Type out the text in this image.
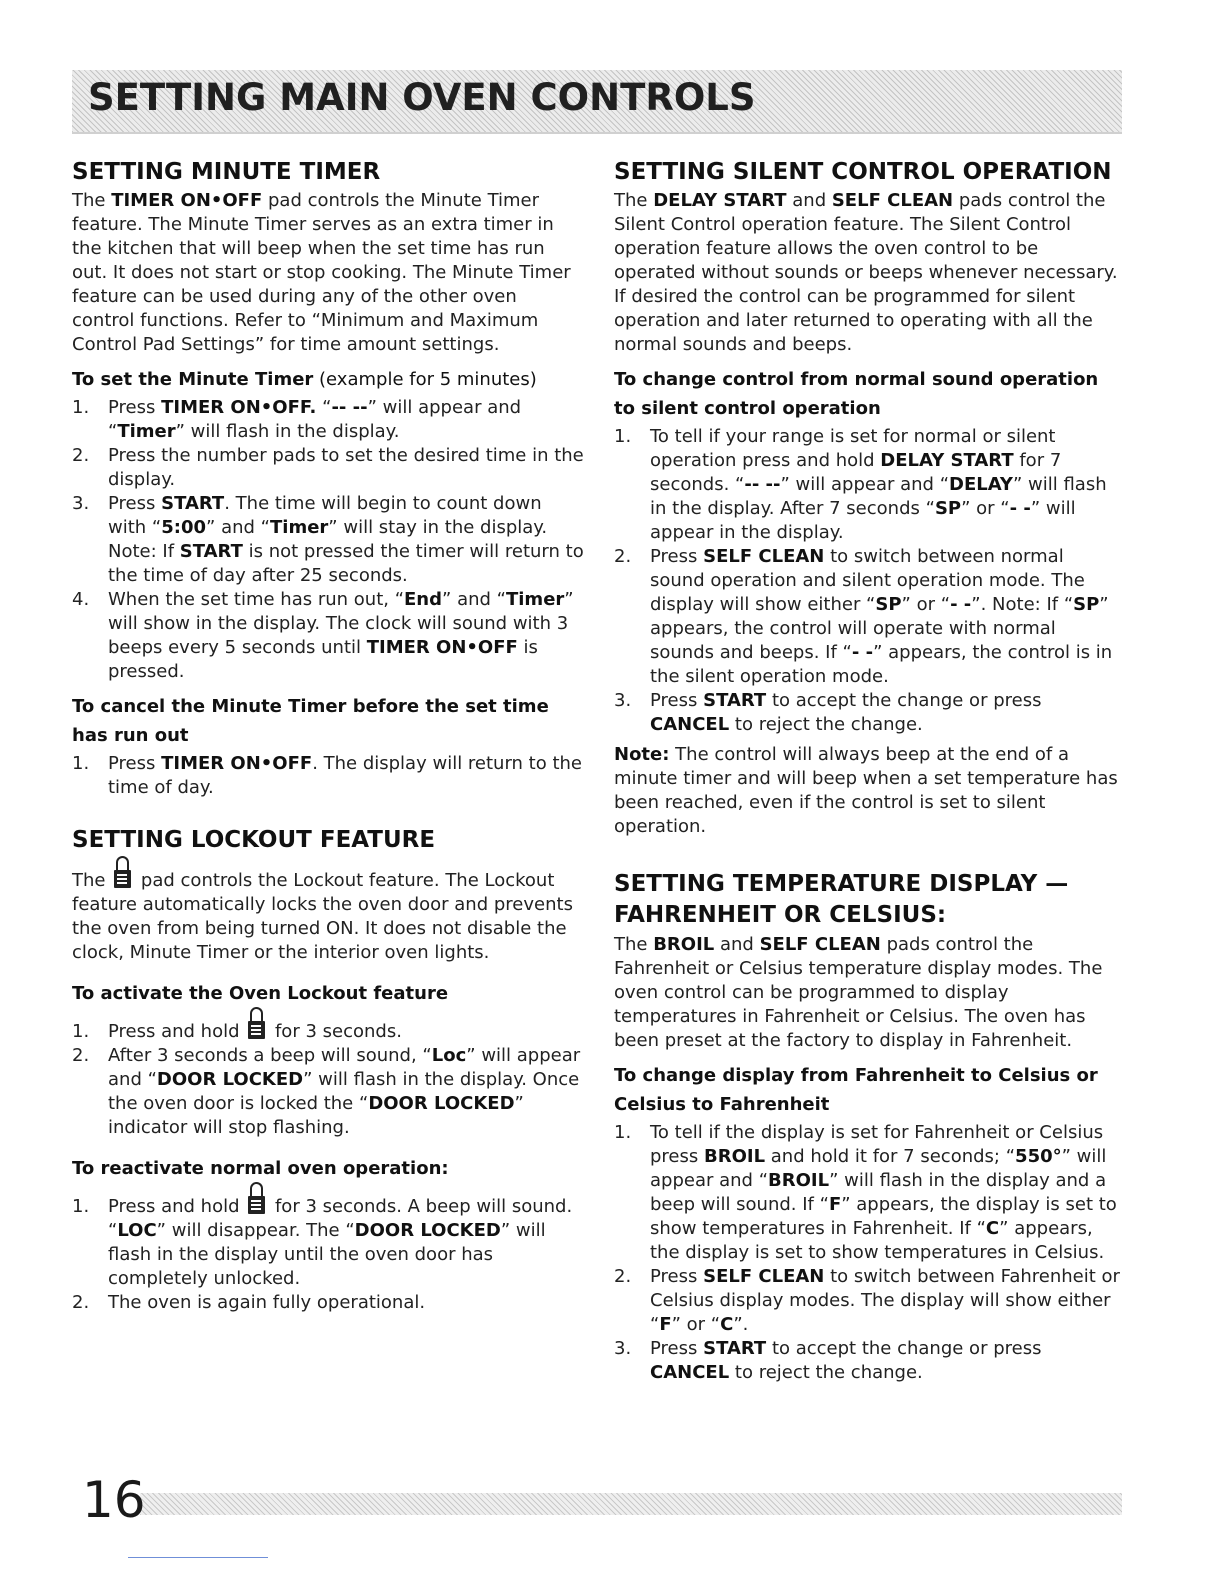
SETTING MAIN OVEN CONTROLS
SETTING MINUTE TIMER

The TIMER ON•OFF pad controls the Minute Timer feature. The Minute Timer serves as an extra timer in the kitchen that will beep when the set time has run out. It does not start or stop cooking. The Minute Timer feature can be used during any of the other oven control functions. Refer to “Minimum and Maximum Control Pad Settings” for time amount settings.

To set the Minute Timer (example for 5 minutes)
1. Press TIMER ON•OFF. “-- --” will appear and “Timer” will flash in the display.
2. Press the number pads to set the desired time in the display.
3. Press START. The time will begin to count down with “5:00” and “Timer” will stay in the display. Note: If START is not pressed the timer will return to the time of day after 25 seconds.
4. When the set time has run out, “End” and “Timer” will show in the display. The clock will sound with 3 beeps every 5 seconds until TIMER ON•OFF is pressed.
To cancel the Minute Timer before the set time has run out
1. Press TIMER ON•OFF. The display will return to the time of day.
SETTING LOCKOUT FEATURE

The  pad controls the Lockout feature. The Lockout feature automatically locks the oven door and prevents the oven from being turned ON. It does not disable the clock, Minute Timer or the interior oven lights.

To activate the Oven Lockout feature
1. Press and hold  for 3 seconds.
2. After 3 seconds a beep will sound, “Loc” will appear and “DOOR LOCKED” will flash in the display. Once the oven door is locked the “DOOR LOCKED” indicator will stop flashing.
To reactivate normal oven operation:
1. Press and hold  for 3 seconds. A beep will sound. “LOC” will disappear. The “DOOR LOCKED” will flash in the display until the oven door has completely unlocked.
2. The oven is again fully operational.
SETTING SILENT CONTROL OPERATION

The DELAY START and SELF CLEAN pads control the Silent Control operation feature. The Silent Control operation feature allows the oven control to be operated without sounds or beeps whenever necessary. If desired the control can be programmed for silent operation and later returned to operating with all the normal sounds and beeps.

To change control from normal sound operation to silent control operation
1. To tell if your range is set for normal or silent operation press and hold DELAY START for 7 seconds. “-- --” will appear and “DELAY” will flash in the display. After 7 seconds “SP” or “- -” will appear in the display.
2. Press SELF CLEAN to switch between normal sound operation and silent operation mode. The display will show either “SP” or “- -”. Note: If “SP” appears, the control will operate with normal sounds and beeps. If “- -” appears, the control is in the silent operation mode.
3. Press START to accept the change or press CANCEL to reject the change.

Note: The control will always beep at the end of a minute timer and will beep when a set temperature has been reached, even if the control is set to silent operation.

SETTING TEMPERATURE DISPLAY —
FAHRENHEIT OR CELSIUS:

The BROIL and SELF CLEAN pads control the Fahrenheit or Celsius temperature display modes. The oven control can be programmed to display temperatures in Fahrenheit or Celsius. The oven has been preset at the factory to display in Fahrenheit.

To change display from Fahrenheit to Celsius or Celsius to Fahrenheit
1. To tell if the display is set for Fahrenheit or Celsius press BROIL and hold it for 7 seconds; “550°” will appear and “BROIL” will flash in the display and a beep will sound. If “F” appears, the display is set to show temperatures in Fahrenheit. If “C” appears, the display is set to show temperatures in Celsius.
2. Press SELF CLEAN to switch between Fahrenheit or Celsius display modes. The display will show either “F” or “C”.
3. Press START to accept the change or press CANCEL to reject the change.

16
